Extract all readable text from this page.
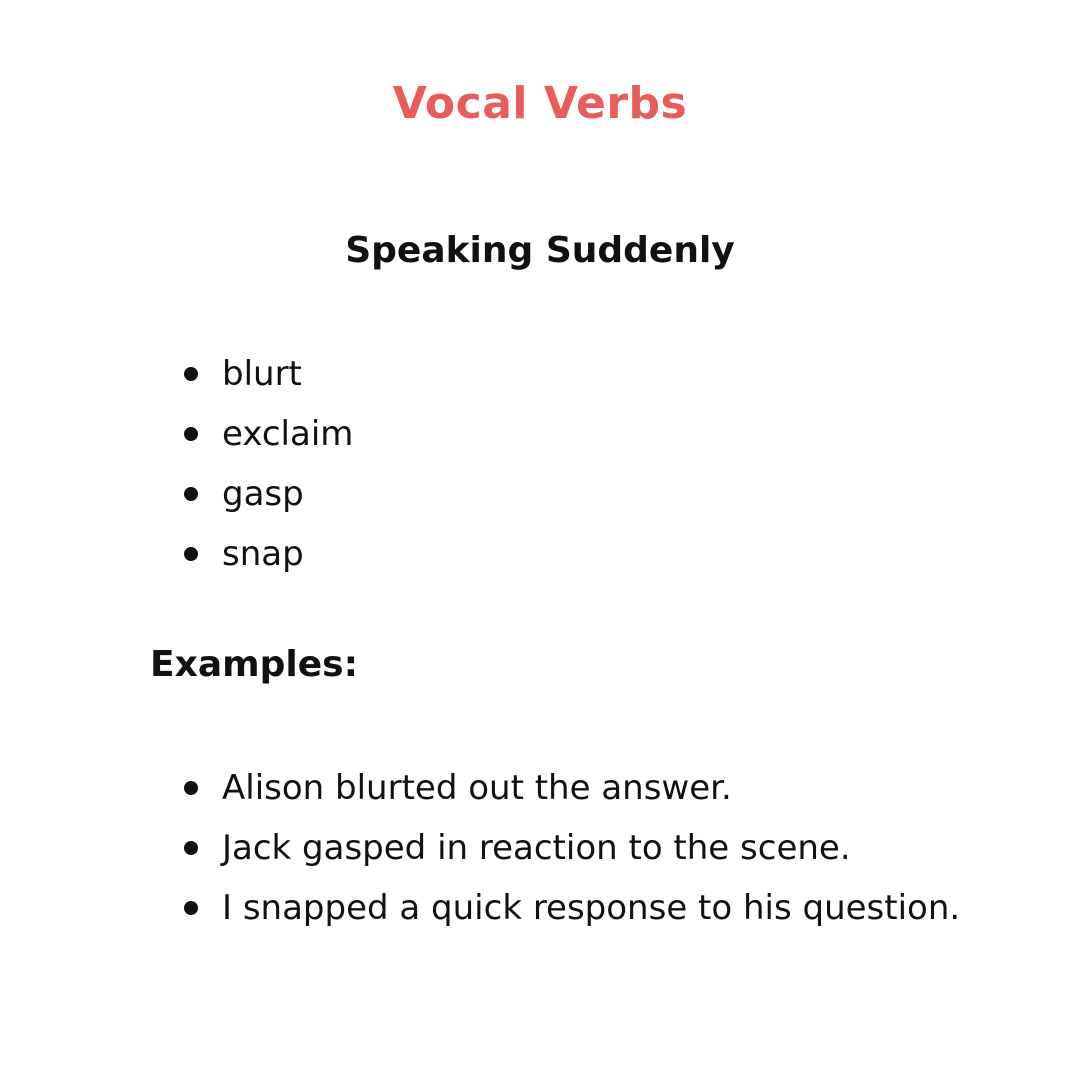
Vocal Verbs
Speaking Suddenly
blurt
exclaim
gasp
snap
Examples:
Alison blurted out the answer.
Jack gasped in reaction to the scene.
I snapped a quick response to his question.
